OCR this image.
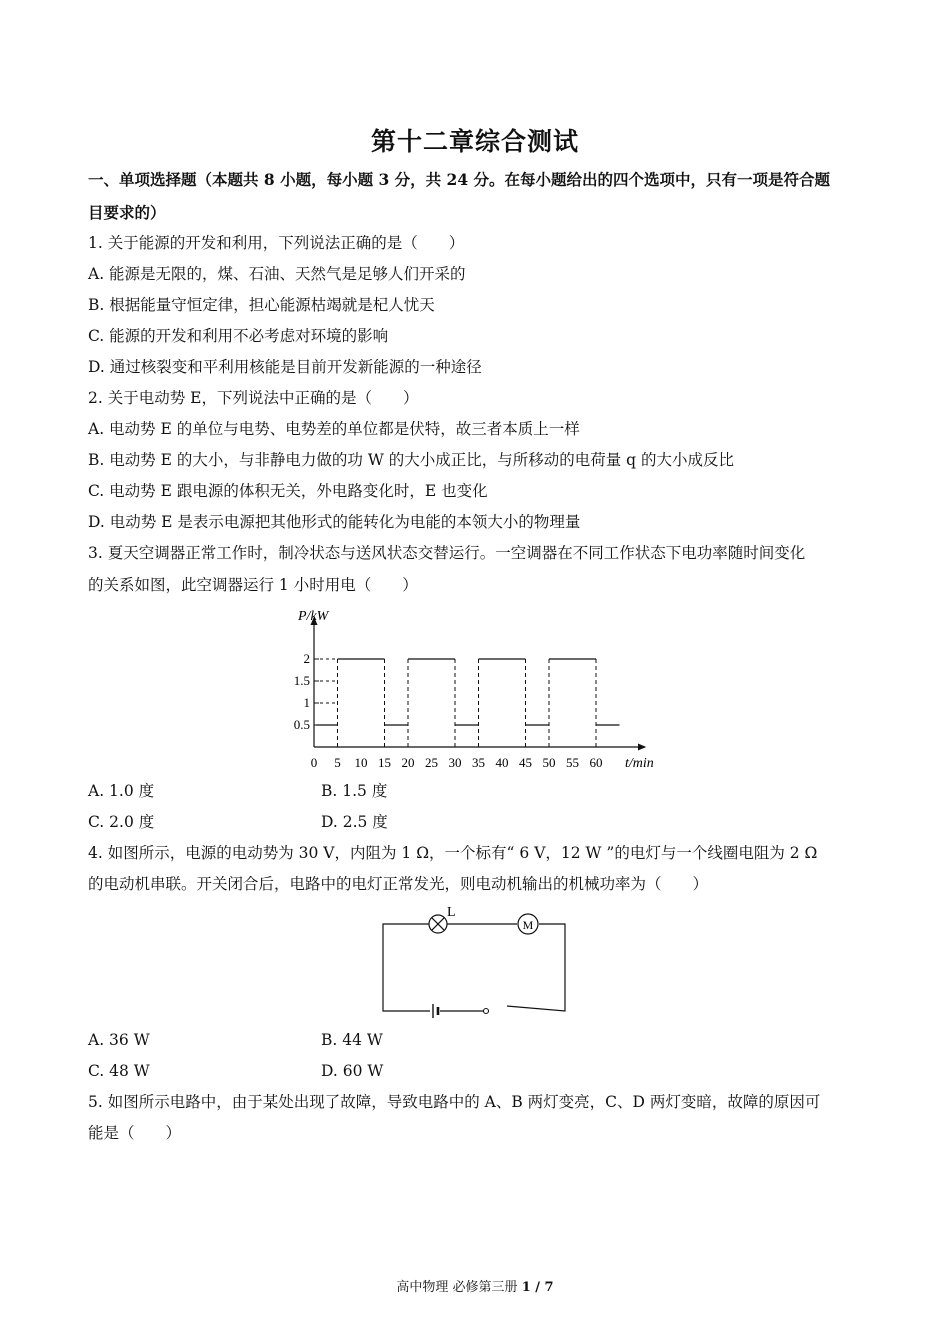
第十二章综合测试
一、单项选择题（本题共 8 小题，每小题 3 分，共 24 分。在每小题给出的四个选项中，只有一项是符合题
目要求的）
1. 关于能源的开发和利用，下列说法正确的是（　　）
A. 能源是无限的，煤、石油、天然气是足够人们开采的
B. 根据能量守恒定律，担心能源枯竭就是杞人忧天
C. 能源的开发和利用不必考虑对环境的影响
D. 通过核裂变和平利用核能是目前开发新能源的一种途径
2. 关于电动势 E，下列说法中正确的是（　　）
A. 电动势 E 的单位与电势、电势差的单位都是伏特，故三者本质上一样
B. 电动势 E 的大小，与非静电力做的功 W 的大小成正比，与所移动的电荷量 q 的大小成反比
C. 电动势 E 跟电源的体积无关，外电路变化时，E 也变化
D. 电动势 E 是表示电源把其他形式的能转化为电能的本领大小的物理量
3. 夏天空调器正常工作时，制冷状态与送风状态交替运行。一空调器在不同工作状态下电功率随时间变化
的关系如图，此空调器运行 1 小时用电（　　）
0 5 10 15 20 25 30 35 40 45 50 55 60
0.5
1
1.5
2
P/kW
t/min
A. 1.0 度	B. 1.5 度
C. 2.0 度	D. 2.5 度
4. 如图所示，电源的电动势为 30 V，内阻为 1 Ω，一个标有“ 6 V，12 W ”的电灯与一个线圈电阻为 2 Ω
的电动机串联。开关闭合后，电路中的电灯正常发光，则电动机输出的机械功率为（　　）
L
M
A. 36 W	B. 44 W
C. 48 W	D. 60 W
5. 如图所示电路中，由于某处出现了故障，导致电路中的 A、B 两灯变亮，C、D 两灯变暗，故障的原因可
能是（　　）
高中物理 必修第三册 1 / 7
